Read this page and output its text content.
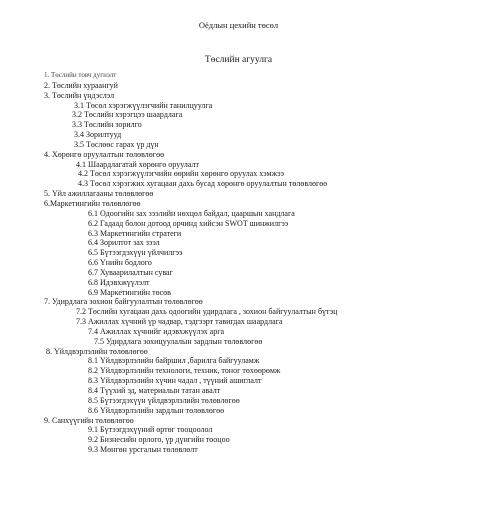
Оёдлын цехийн төсөл
Төслийн агуулга
1. Төслийн товч дугнэлт
2. Төслийн хураангуй
3. Төслийн үндэслэл
3.1 Төсөл хэрэгжүүлэгчийн танилцуулга
3.2 Төслийн хэрэгцээ шаардлага
3.3 Төслийн зорилго
3.4 Зорилтууд
3.5 Төслөөс гарах үр дүн
4. Хөрөнгө оруулалтын төлөвлөгөө
4.1 Шаардлагатай хөрөнгө оруулалт
4.2 Төсөл хэрэгжүүлэгчийн өөрийн хөрөнгө оруулах хэмжээ
4.3 Төсөл хэрэгжих хугацаан дахь бусад хөрөнгө оруулалтын төлөвлөгөө
5. Үйл ажиллагааны төлөвлөгөө
6.Маркетингийн төлөвлөгөө
6.1 Одоогийн зах зээлийн нөхцөл байдал, цааршын хандлага
6.2 Гадаад болон дотоод орчинд хийсэн SWOT шинжилгээ
6.3 Маркетингийн стратеги
6.4 Зорилтот зах зээл
6.5 Бүтээгдэхүүн үйлчилгээ
6.6 Үнийн бодлого
6.7 Хуваарилалтын суваг
6.8 Идэвхжүүлэлт
6.9 Маркетингийн төсөв
7. Удирдлага зохион байгуулалтын төлөвлөгөө
7.2 Төслийн хугацаан дахь одоогийн удирдлага , зохион байгуулалтын бүтэц
7.3 Ажиллах хүчний үр чадвар, тэдгээрт тавигдах шаардлага
7.4 Ажиллах хүчнийг идэвхжүүлэх арга
7.5 Удирдлага зохицуулалын зардлын төлөвлөгөө
8. Үйлдвэрлэлийн төлөвлөгөө
8.1 Үйлдвэрлэлийн байршил ,барилга байгууламж
8.2 Үйлдвэрлэлийн технологи, техник, тоног төхөөрөмж
8.3 Үйлдвэрлэлийн хүчин чадал , түүний ашиглалт
8.4 Түүхий эд, материалын татан авалт
8.5 Бүтээгдэхүүн үйлдвэрлэлийн төлөвлөгөө
8.6 Үйлдвэрлэлийн зардлын төлөвлөгөө
9. Санхүүгийн төлөвлөгөө
9.1 Бүтээгдэхүүний өртөг тооцоолол
9.2 Бизнесийн орлого, үр дүнгийн тооцоо
9.3 Мөнгөн урсгалын төлөвлөлт
